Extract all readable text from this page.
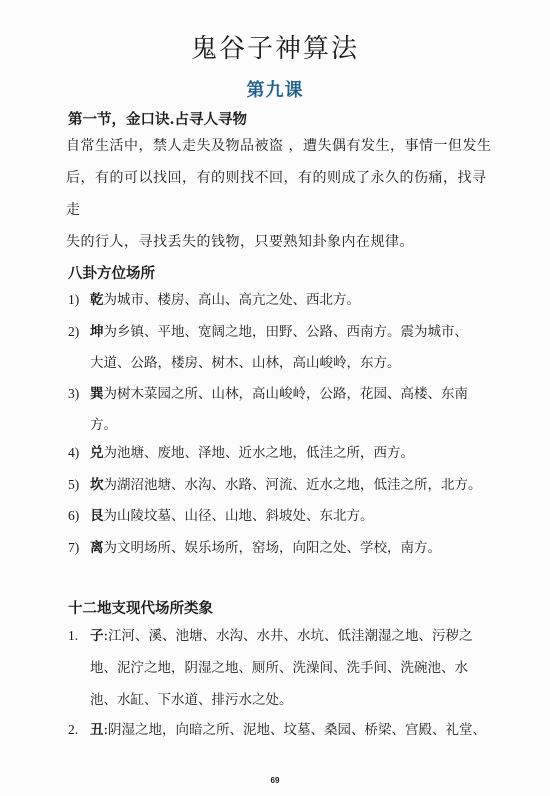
鬼谷子神算法
第九课
第一节，金口诀.占寻人寻物
自常生活中，禁人走失及物品被盗 ，遭失偶有发生，事情一但发生
后，有的可以找回，有的则找不回，有的则成了永久的伤痛，找寻走
失的行人，寻找丢失的钱物，只要熟知卦象内在规律。
八卦方位场所
1) 乾为城市、楼房、高山、高亢之处、西北方。
2) 坤为乡镇、平地、宽阔之地，田野、公路、西南方。震为城市、
大道、公路，楼房、树木、山林，高山峻岭，东方。
3) 巽为树木菜园之所、山林，高山峻岭，公路，花园、高楼、东南
方。
4) 兑为池塘、废地、泽地、近水之地，低洼之所，西方。
5) 坎为湖沼池塘、水沟、水路、河流、近水之地，低洼之所，北方。
6) 艮为山陵坟墓、山径、山地、斜坡处、东北方。
7) 离为文明场所、娱乐场所，窑场，向阳之处、学校，南方。
十二地支现代场所类象
1. 子:江河、溪、池塘、水沟、水井、水坑、低洼潮湿之地、污秽之
地、泥泞之地，阴湿之地、厕所、洗澡间、洗手间、洗碗池、水
池、水缸、下水道、排污水之处。
2. 丑:阴湿之地，向暗之所、泥地、坟墓、桑园、桥梁、宫殿、礼堂、
69
